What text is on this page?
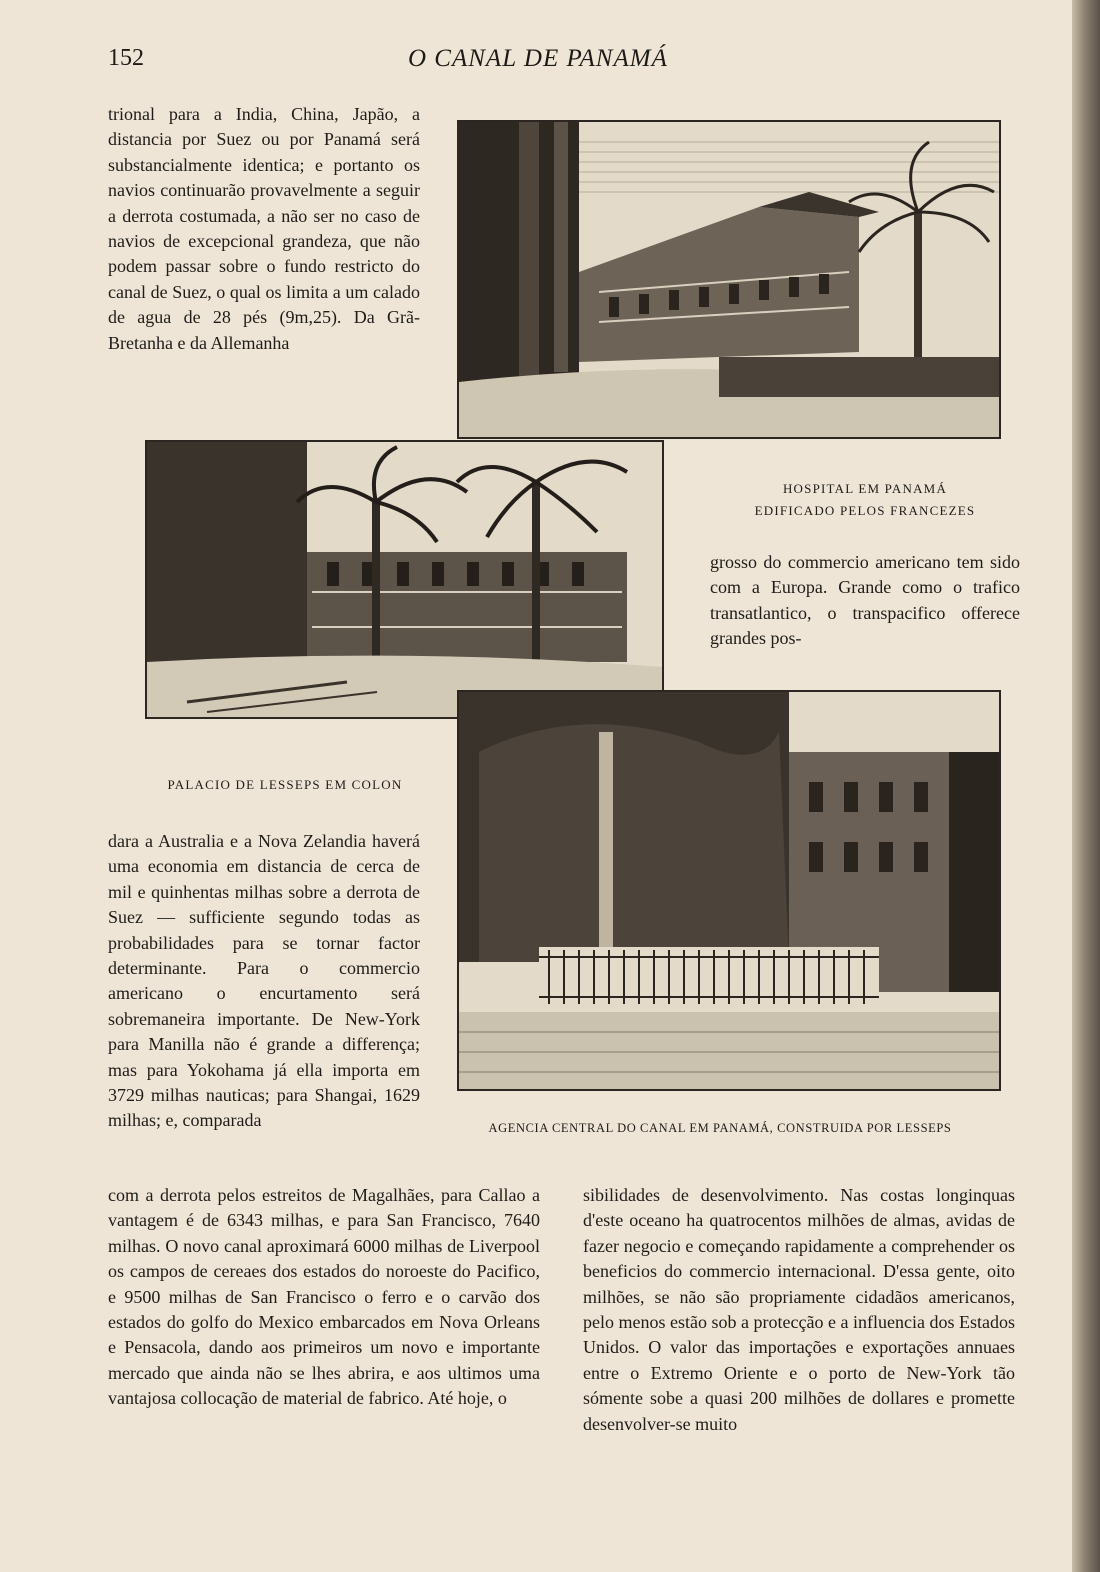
152	O CANAL DE PANAMÁ

trional para a India, China, Japão, a distancia por Suez ou por Panamá será substancialmente identica; e portanto os navios continuarão provavelmente a seguir a derrota costumada, a não ser no caso de navios de excepcional grandeza, que não podem passar sobre o fundo restricto do canal de Suez, o qual os limita a um calado de agua de 28 pés (9m,25). Da Grã-Bretanha e da Allemanha

HOSPITAL EM PANAMÁ
EDIFICADO PELOS FRANCEZES

grosso do commercio americano tem sido com a Europa. Grande como o trafico transatlantico, o transpacifico offerece grandes pos-

PALACIO DE LESSEPS EM COLON

dara a Australia e a Nova Zelandia haverá uma economia em distancia de cerca de mil e quinhentas milhas sobre a derrota de Suez — sufficiente segundo todas as probabilidades para se tornar factor determinante. Para o commercio americano o encurtamento será sobremaneira importante. De New-York para Manilla não é grande a differença; mas para Yokohama já ella importa em 3729 milhas nauticas; para Shangai, 1629 milhas; e, comparada	AGENCIA CENTRAL DO CANAL EM PANAMÁ, CONSTRUIDA POR LESSEPS

com a derrota pelos estreitos de Magalhães, para Callao a vantagem é de 6343 milhas, e para San Francisco, 7640 milhas. O novo canal aproximará 6000 milhas de Liverpool os campos de cereaes dos estados do noroeste do Pacifico, e 9500 milhas de San Francisco o ferro e o carvão dos estados do golfo do Mexico embarcados em Nova Orleans e Pensacola, dando aos primeiros um novo e importante mercado que ainda não se lhes abrira, e aos ultimos uma vantajosa collocação de material de fabrico. Até hoje, o

sibilidades de desenvolvimento. Nas costas longinquas d'este oceano ha quatrocentos milhões de almas, avidas de fazer negocio e começando rapidamente a comprehender os beneficios do commercio internacional. D'essa gente, oito milhões, se não são propriamente cidadãos americanos, pelo menos estão sob a protecção e a influencia dos Estados Unidos. O valor das importações e exportações annuaes entre o Extremo Oriente e o porto de New-York tão sómente sobe a quasi 200 milhões de dollares e promette desenvolver-se muito
